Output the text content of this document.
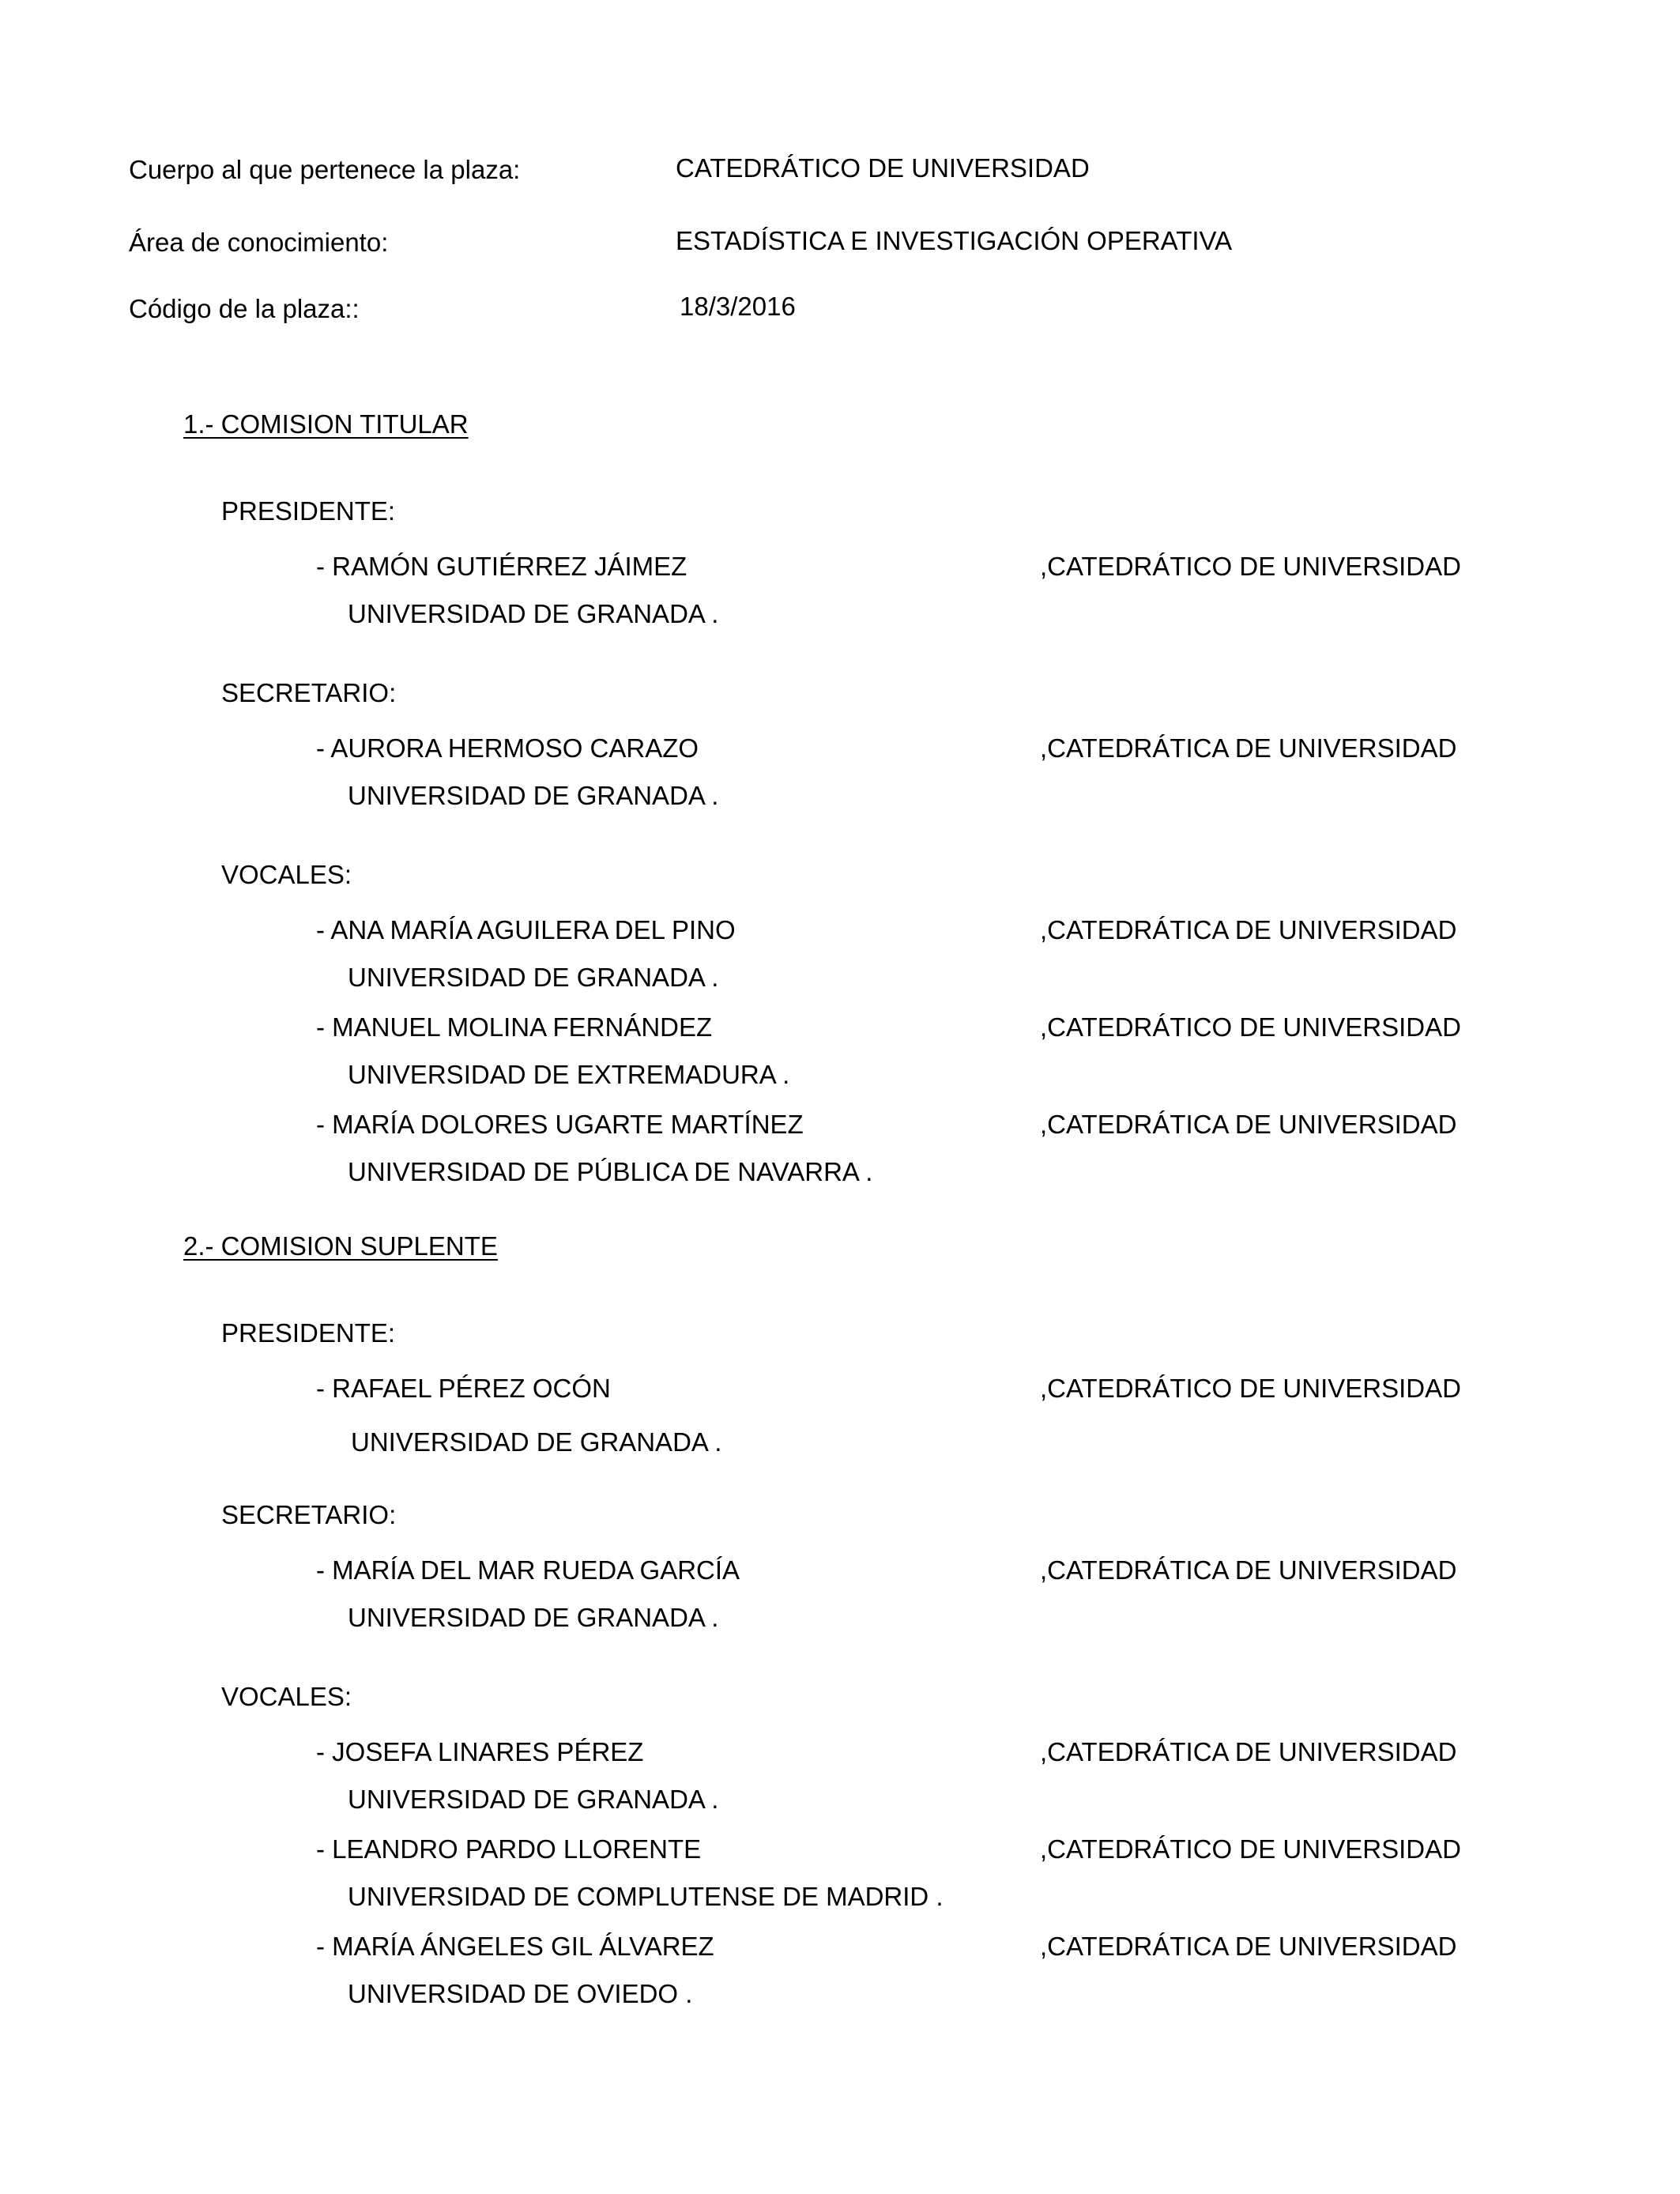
Cuerpo al que pertenece la plaza:	CATEDRÁTICO DE UNIVERSIDAD
Área de conocimiento:	ESTADÍSTICA E INVESTIGACIÓN OPERATIVA
Código de la plaza::	18/3/2016
1.- COMISION TITULAR
PRESIDENTE:
- RAMÓN GUTIÉRREZ JÁIMEZ	,CATEDRÁTICO DE UNIVERSIDAD
UNIVERSIDAD DE GRANADA .
SECRETARIO:
- AURORA HERMOSO CARAZO	,CATEDRÁTICA DE UNIVERSIDAD
UNIVERSIDAD DE GRANADA .
VOCALES:
- ANA MARÍA AGUILERA DEL PINO	,CATEDRÁTICA DE UNIVERSIDAD
UNIVERSIDAD DE GRANADA .
- MANUEL MOLINA FERNÁNDEZ	,CATEDRÁTICO DE UNIVERSIDAD
UNIVERSIDAD DE EXTREMADURA .
- MARÍA DOLORES UGARTE MARTÍNEZ	,CATEDRÁTICA DE UNIVERSIDAD
UNIVERSIDAD DE PÚBLICA DE NAVARRA .
2.- COMISION SUPLENTE
PRESIDENTE:
- RAFAEL PÉREZ OCÓN	,CATEDRÁTICO DE UNIVERSIDAD
UNIVERSIDAD DE GRANADA .
SECRETARIO:
- MARÍA DEL MAR RUEDA GARCÍA	,CATEDRÁTICA DE UNIVERSIDAD
UNIVERSIDAD DE GRANADA .
VOCALES:
- JOSEFA LINARES PÉREZ	,CATEDRÁTICA DE UNIVERSIDAD
UNIVERSIDAD DE GRANADA .
- LEANDRO PARDO LLORENTE	,CATEDRÁTICO DE UNIVERSIDAD
UNIVERSIDAD DE COMPLUTENSE DE MADRID .
- MARÍA ÁNGELES GIL ÁLVAREZ	,CATEDRÁTICA DE UNIVERSIDAD
UNIVERSIDAD DE OVIEDO .
